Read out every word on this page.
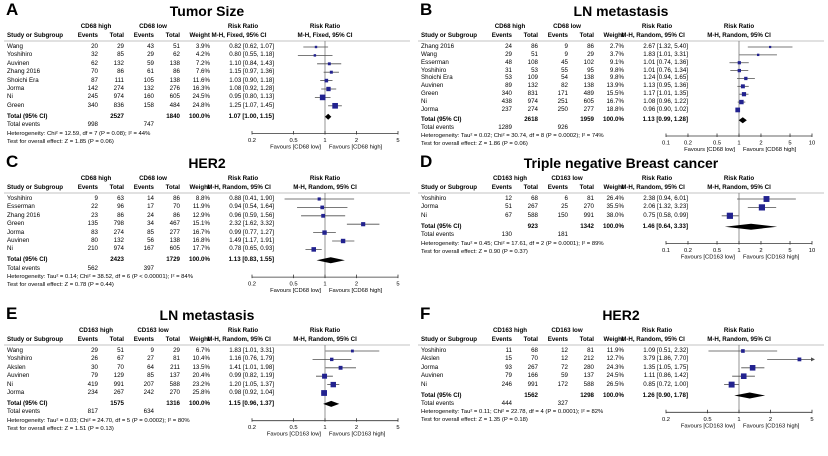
A	Tumor Size
CD68 high	CD68 low	Risk Ratio	Risk Ratio
Study or Subgroup	Events	Total	Events	Total	Weight M-H, Fixed, 95% CI	M-H, Fixed, 95% CI
Wang	20	29	43	51	3.9%	0.82 [0.62, 1.07]
Yoshihiro	32	85	29	62	4.2%	0.80 [0.55, 1.18]
Auvinen	62	132	59	138	7.2%	1.10 [0.84, 1.43]
Zhang 2016	70	86	61	86	7.6%	1.15 [0.97, 1.36]
Shoichi Era	87	111	105	138	11.6%	1.03 [0.90, 1.18]
Jorma	142	274	132	276	16.3%	1.08 [0.92, 1.28]
Ni	245	974	160	605	24.5%	0.95 [0.80, 1.13]
Green	340	836	158	484	24.8%	1.25 [1.07, 1.45]
Total (95% CI)	2527	1840	100.0%	1.07 [1.00, 1.15]
Total events	998	747
Heterogeneity: Chi² = 12.59, df = 7 (P = 0.08); I² = 44%
Test for overall effect: Z = 1.85 (P = 0.06)	0.2	0.5	1	2	5
Favours [CD68 low] Favours [CD68 high]
B	LN metastasis
CD68 high	CD68 low	Risk Ratio	Risk Ratio
Study or Subgroup	Events	Total	Events	Total	Weight
M-H, Random, 95% CI	M-H, Random, 95% CI
Zhang 2016	24	86	9	86	2.7%	2.67 [1.32, 5.40]
Wang	29	51	9	29	3.7%	1.83 [1.01, 3.31]
Esserman	48	108	45	102	9.1%	1.01 [0.74, 1.36]
Yoshihiro	31	53	55	95	9.8%	1.01 [0.76, 1.34]
Shoichi Era	53	109	54	138	9.8%	1.24 [0.94, 1.65]
Auvinen	89	132	82	138	13.9%	1.13 [0.95, 1.36]
Green	340	831	171	489	15.5%	1.17 [1.01, 1.35]
Ni	438	974	251	605	16.7%	1.08 [0.96, 1.22]
Jorma	237	274	250	277	18.8%	0.96 [0.90, 1.02]
Total (95% CI)	2618	1959	100.0%	1.13 [0.99, 1.28]
Total events	1289	926
Heterogeneity: Tau² = 0.02; Chi² = 30.74, df = 8 (P = 0.0002); I² = 74%
Test for overall effect: Z = 1.86 (P = 0.06)	0.1 0.2	0.5	1	2	5	10
Favours [CD68 low] Favours [CD68 high]
C	HER2
CD68 high	CD68 low	Risk Ratio	Risk Ratio
Study or Subgroup	Events	Total	Events	Total	Weight
M-H, Random, 95% CI	M-H, Random, 95% CI
Yoshihiro	9	63	14	86	8.8%	0.88 [0.41, 1.90]
Esserman	22	96	17	70	11.9%	0.94 [0.54, 1.64]
Zhang 2016	23	86	24	86	12.9%	0.96 [0.59, 1.56]
Green	135	798	34	467	15.1%	2.32 [1.62, 3.32]
Jorma	83	274	85	277	16.7%	0.99 [0.77, 1.27]
Auvinen	80	132	56	138	16.8%	1.49 [1.17, 1.91]
Ni	210	974	167	605	17.7%	0.78 [0.65, 0.93]
Total (95% CI)	2423	1729	100.0%	1.13 [0.83, 1.55]
Total events	562	397
Heterogeneity: Tau² = 0.14; Chi² = 38.52, df = 6 (P < 0.00001); I² = 84%
Test for overall effect: Z = 0.78 (P = 0.44)	0.2	0.5	1	2	5
Favours [CD68 low] Favours [CD68 high]
D	Triple negative Breast cancer
CD163 high	CD163 low	Risk Ratio	Risk Ratio
Study or Subgroup	Events	Total	Events	Total	Weight
M-H, Random, 95% CI	M-H, Random, 95% CI
Yoshihiro	12	68	6	81	26.4%	2.38 [0.94, 6.01]
Jorma	51	267	25	270	35.5%	2.06 [1.32, 3.23]
Ni	67	588	150	991	38.0%	0.75 [0.58, 0.99]
Total (95% CI)	923	1342	100.0%	1.46 [0.64, 3.33]
Total events	130	181
Heterogeneity: Tau² = 0.45; Chi² = 17.61, df = 2 (P = 0.0001); I² = 89%
Test for overall effect: Z = 0.90 (P = 0.37)	0.1 0.2	0.5	1	2	5	10
Favours [CD163 low] Favours [CD163 high]
E	LN metastasis
CD163 high	CD163 low	Risk Ratio	Risk Ratio
Study or Subgroup	Events	Total	Events	Total	Weight
M-H, Random, 95% CI	M-H, Random, 95% CI
Wang	29	51	9	29	6.7%	1.83 [1.01, 3.31]
Yoshihiro	26	67	27	81	10.4%	1.16 [0.76, 1.79]
Akslen	30	70	64	211	13.5%	1.41 [1.01, 1.98]
Auvinen	79	129	85	137	20.4%	0.99 [0.82, 1.19]
Ni	419	991	207	588	23.2%	1.20 [1.05, 1.37]
Jorma	234	267	242	270	25.8%	0.98 [0.92, 1.04]
Total (95% CI)	1575	1316	100.0%	1.15 [0.96, 1.37]
Total events	817	634
Heterogeneity: Tau² = 0.03; Chi² = 24.70, df = 5 (P = 0.0002); I² = 80%
Test for overall effect: Z = 1.51 (P = 0.13)	0.2	0.5	1	2	5
Favours [CD163 low] Favours [CD163 high]
F	HER2
CD163 high	CD163 low	Risk Ratio	Risk Ratio
Study or Subgroup	Events	Total	Events	Total	Weight
M-H, Random, 95% CI	M-H, Random, 95% CI
Yoshihiro	11	68	12	81	11.9%	1.09 [0.51, 2.32]
Akslen	15	70	12	212	12.7%	3.79 [1.86, 7.70]
Jorma	93	267	72	280	24.3%	1.35 [1.05, 1.75]
Auvinen	79	166	59	137	24.5%	1.11 [0.86, 1.42]
Ni	246	991	172	588	26.5%	0.85 [0.72, 1.00]
Total (95% CI)	1562	1298	100.0%	1.26 [0.90, 1.78]
Total events	444	327
Heterogeneity: Tau² = 0.11; Chi² = 22.78, df = 4 (P = 0.0001); I² = 82%
Test for overall effect: Z = 1.35 (P = 0.18)	0.2	0.5	1	2	5
Favours [CD163 low] Favours [CD163 high]
